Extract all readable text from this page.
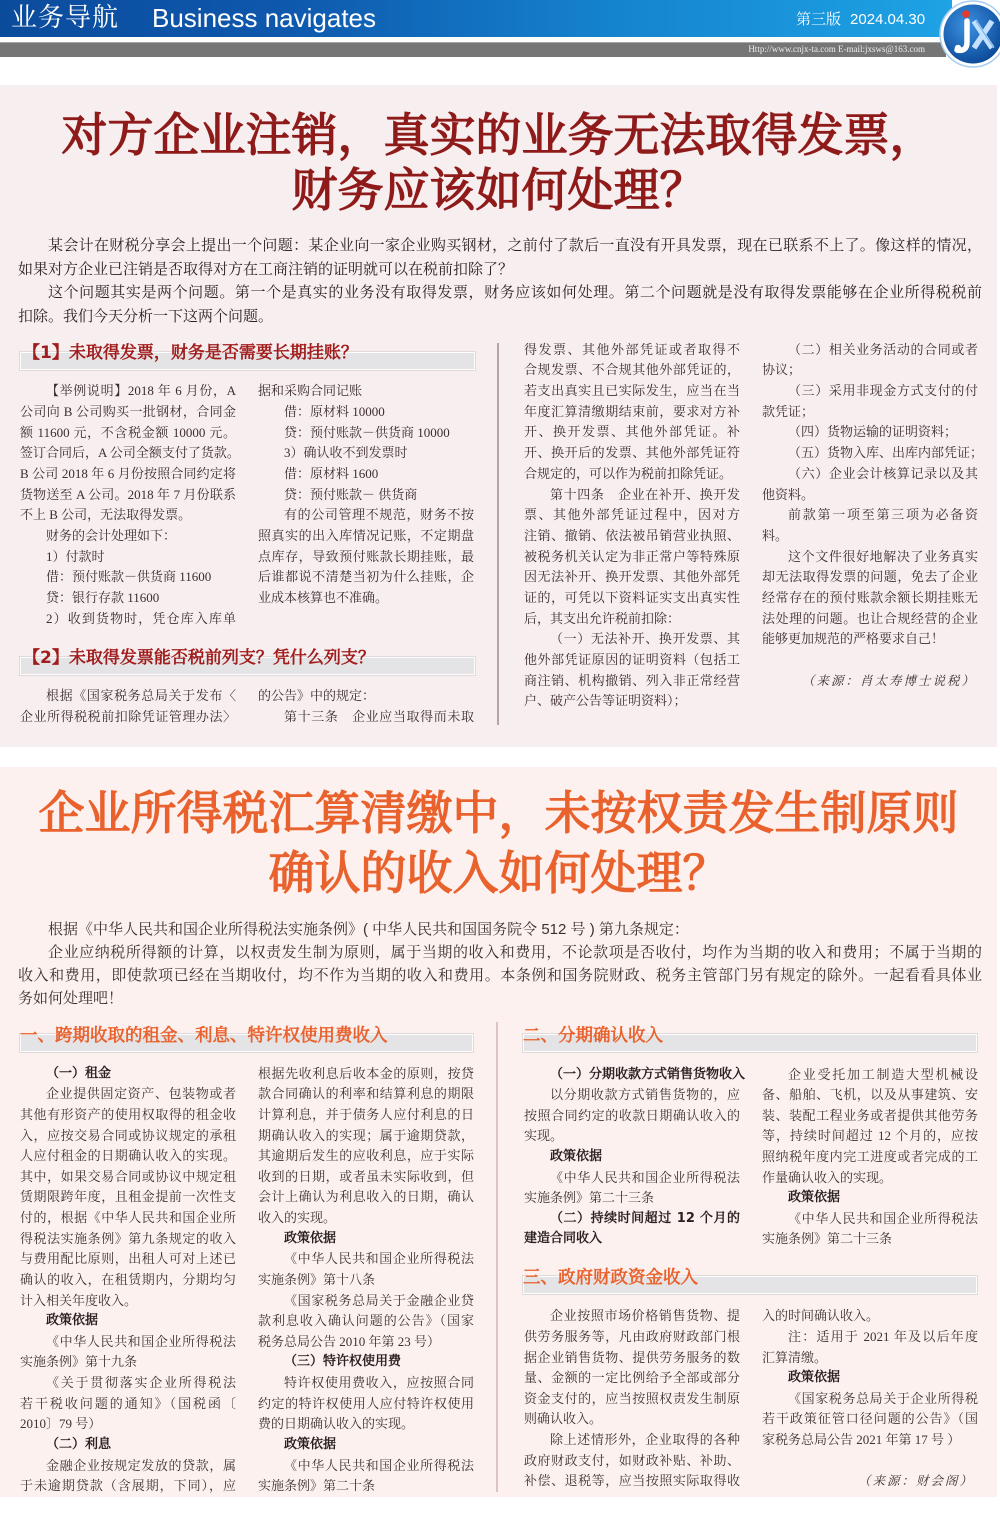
业务导航 Business navigates	第三版 2024.04.30
Http://www.cnjx-ta.com E-mail:jxsws@163.com
对方企业注销，真实的业务无法取得发票，
财务应该如何处理？
某会计在财税分享会上提出一个问题：某企业向一家企业购买钢材，之前付了款后一直没有开具发票，现在已联系不上了。像这样的情况，
如果对方企业已注销是否取得对方在工商注销的证明就可以在税前扣除了？
这个问题其实是两个问题。第一个是真实的业务没有取得发票，财务应该如何处理。第二个问题就是没有取得发票能够在企业所得税税前
扣除。我们今天分析一下这两个问题。
【1】未取得发票，财务是否需要长期挂账？
【举例说明】2018 年 6 月份，A
公司向 B 公司购买一批钢材，合同金
额 11600 元，不含税金额 10000 元。
签订合同后，A 公司全额支付了货款。
B 公司 2018 年 6 月份按照合同约定将
货物送至 A 公司。2018 年 7 月份联系
不上 B 公司，无法取得发票。
财务的会计处理如下：
1）付款时
借：预付账款－供货商 11600
贷：银行存款 11600
2）收到货物时，凭仓库入库单
据和采购合同记账
借：原材料 10000
贷：预付账款－供货商 10000
3）确认收不到发票时
借：原材料 1600
贷：预付账款－ 供货商
有的公司管理不规范，财务不按
照真实的出入库情况记账，不定期盘
点库存，导致预付账款长期挂账，最
后谁都说不清楚当初为什么挂账，企
业成本核算也不准确。
【2】未取得发票能否税前列支？凭什么列支？
根据《国家税务总局关于发布〈
企业所得税税前扣除凭证管理办法〉
的公告》中的规定：
第十三条　企业应当取得而未取
得发票、其他外部凭证或者取得不
合规发票、不合规其他外部凭证的，
若支出真实且已实际发生，应当在当
年度汇算清缴期结束前，要求对方补
开、换开发票、其他外部凭证。补
开、换开后的发票、其他外部凭证符
合规定的，可以作为税前扣除凭证。
第十四条　企业在补开、换开发
票、其他外部凭证过程中，因对方
注销、撤销、依法被吊销营业执照、
被税务机关认定为非正常户等特殊原
因无法补开、换开发票、其他外部凭
证的，可凭以下资料证实支出真实性
后，其支出允许税前扣除：
（一）无法补开、换开发票、其
他外部凭证原因的证明资料（包括工
商注销、机构撤销、列入非正常经营
户、破产公告等证明资料）；
（二）相关业务活动的合同或者
协议；
（三）采用非现金方式支付的付
款凭证；
（四）货物运输的证明资料；
（五）货物入库、出库内部凭证；
（六）企业会计核算记录以及其
他资料。
前款第一项至第三项为必备资
料。
这个文件很好地解决了业务真实
却无法取得发票的问题，免去了企业
经常存在的预付账款余额长期挂账无
法处理的问题。也让合规经营的企业
能够更加规范的严格要求自己！
（来源：肖太寿博士说税）
企业所得税汇算清缴中，未按权责发生制原则
确认的收入如何处理？
根据《中华人民共和国企业所得税法实施条例》( 中华人民共和国国务院令 512 号 ) 第九条规定：
企业应纳税所得额的计算，以权责发生制为原则，属于当期的收入和费用，不论款项是否收付，均作为当期的收入和费用；不属于当期的
收入和费用，即使款项已经在当期收付，均不作为当期的收入和费用。本条例和国务院财政、税务主管部门另有规定的除外。一起看看具体业
务如何处理吧！
一、跨期收取的租金、利息、特许权使用费收入
（一）租金
企业提供固定资产、包装物或者
其他有形资产的使用权取得的租金收
入，应按交易合同或协议规定的承租
人应付租金的日期确认收入的实现。
其中，如果交易合同或协议中规定租
赁期限跨年度，且租金提前一次性支
付的，根据《中华人民共和国企业所
得税法实施条例》第九条规定的收入
与费用配比原则，出租人可对上述已
确认的收入，在租赁期内，分期均匀
计入相关年度收入。
政策依据
《中华人民共和国企业所得税法
实施条例》第十九条
《关于贯彻落实企业所得税法
若干税收问题的通知》（国税函〔
2010〕79 号）
（二）利息
金融企业按规定发放的贷款，属
于未逾期贷款（含展期，下同），应
根据先收利息后收本金的原则，按贷
款合同确认的利率和结算利息的期限
计算利息，并于债务人应付利息的日
期确认收入的实现；属于逾期贷款，
其逾期后发生的应收利息，应于实际
收到的日期，或者虽未实际收到，但
会计上确认为利息收入的日期，确认
收入的实现。
政策依据
《中华人民共和国企业所得税法
实施条例》第十八条
《国家税务总局关于金融企业贷
款利息收入确认问题的公告》（国家
税务总局公告 2010 年第 23 号）
（三）特许权使用费
特许权使用费收入，应按照合同
约定的特许权使用人应付特许权使用
费的日期确认收入的实现。
政策依据
《中华人民共和国企业所得税法
实施条例》第二十条
二、分期确认收入
（一）分期收款方式销售货物收入
以分期收款方式销售货物的，应
按照合同约定的收款日期确认收入的
实现。
政策依据
《中华人民共和国企业所得税法
实施条例》第二十三条
（二）持续时间超过 12 个月的
建造合同收入
企业受托加工制造大型机械设
备、船舶、飞机，以及从事建筑、安
装、装配工程业务或者提供其他劳务
等，持续时间超过 12 个月的，应按
照纳税年度内完工进度或者完成的工
作量确认收入的实现。
政策依据
《中华人民共和国企业所得税法
实施条例》第二十三条
三、政府财政资金收入
企业按照市场价格销售货物、提
供劳务服务等，凡由政府财政部门根
据企业销售货物、提供劳务服务的数
量、金额的一定比例给予全部或部分
资金支付的，应当按照权责发生制原
则确认收入。
除上述情形外，企业取得的各种
政府财政支付，如财政补贴、补助、
补偿、退税等，应当按照实际取得收
入的时间确认收入。
注：适用于 2021 年及以后年度
汇算清缴。
政策依据
《国家税务总局关于企业所得税
若干政策征管口径问题的公告》（国
家税务总局公告 2021 年第 17 号 ）
（来源：财会阁）
